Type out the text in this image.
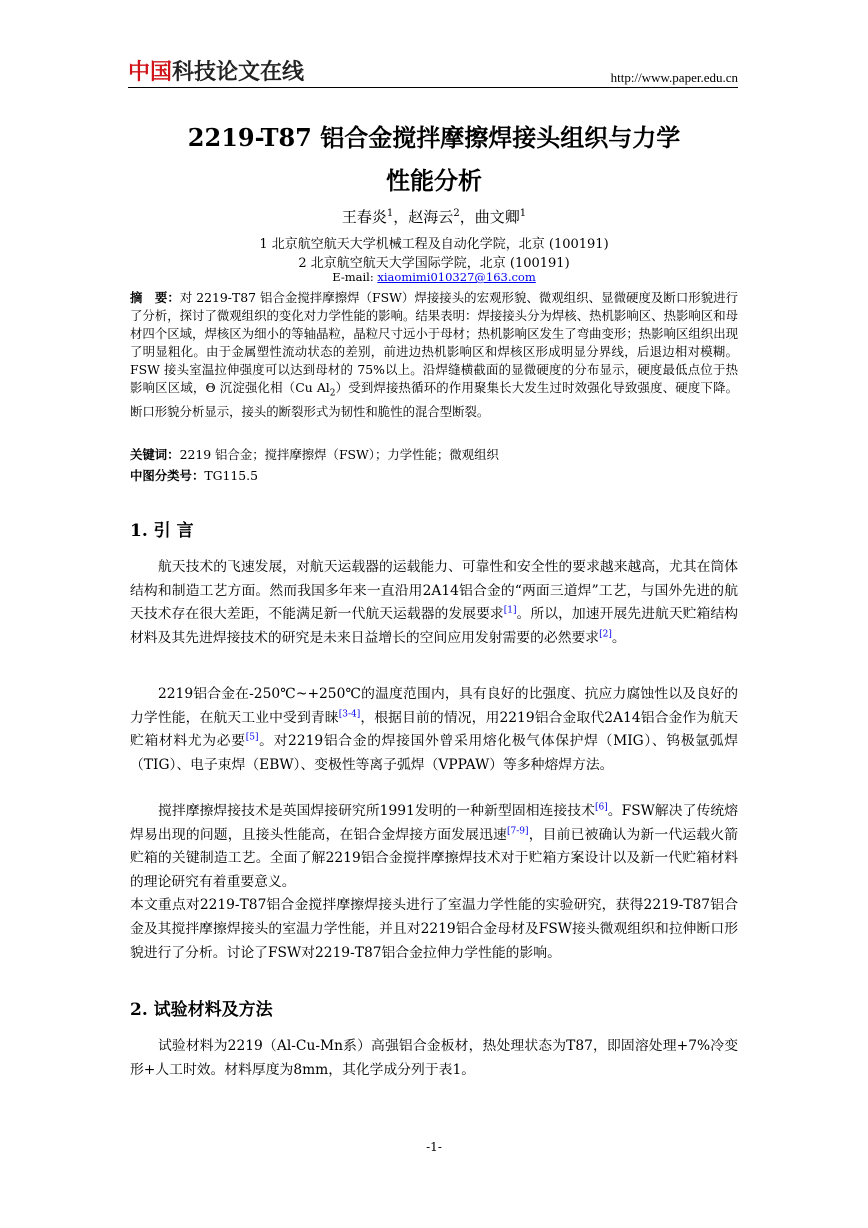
中国科技论文在线	http://www.paper.edu.cn
2219-T87 铝合金搅拌摩擦焊接头组织与力学
性能分析
王春炎$^1$，赵海云$^2$，曲文卿$^1$
1 北京航空航天大学机械工程及自动化学院，北京 (100191)
2 北京航空航天大学国际学院，北京 (100191)
E-mail: xiaomimi010327@163.com
摘　要：对 2219-T87 铝合金搅拌摩擦焊（FSW）焊接接头的宏观形貌、微观组织、显微硬度及断口形貌进行了分析，探讨了微观组织的变化对力学性能的影响。结果表明：焊接接头分为焊核、热机影响区、热影响区和母材四个区域，焊核区为细小的等轴晶粒，晶粒尺寸远小于母材；热机影响区发生了弯曲变形；热影响区组织出现了明显粗化。由于金属塑性流动状态的差别，前进边热机影响区和焊核区形成明显分界线，后退边相对模糊。FSW 接头室温拉伸强度可以达到母材的 75%以上。沿焊缝横截面的显微硬度的分布显示，硬度最低点位于热影响区区域，Θ 沉淀强化相（Cu $Al_2$）受到焊接热循环的作用聚集长大发生过时效强化导致强度、硬度下降。断口形貌分析显示，接头的断裂形式为韧性和脆性的混合型断裂。
关键词：2219 铝合金；搅拌摩擦焊（FSW）；力学性能；微观组织
中图分类号：TG115.5
1. 引 言
航天技术的飞速发展，对航天运载器的运载能力、可靠性和安全性的要求越来越高，尤其在筒体结构和制造工艺方面。然而我国多年来一直沿用2A14铝合金的“两面三道焊”工艺，与国外先进的航天技术存在很大差距，不能满足新一代航天运载器的发展要求[1]。所以，加速开展先进航天贮箱结构材料及其先进焊接技术的研究是未来日益增长的空间应用发射需要的必然要求[2]。
2219铝合金在-250℃~+250℃的温度范围内，具有良好的比强度、抗应力腐蚀性以及良好的力学性能，在航天工业中受到青睐[3-4]，根据目前的情况，用2219铝合金取代2A14铝合金作为航天贮箱材料尤为必要[5]。对2219铝合金的焊接国外曾采用熔化极气体保护焊（MIG）、钨极氩弧焊（TIG）、电子束焊（EBW）、变极性等离子弧焊（VPPAW）等多种熔焊方法。
搅拌摩擦焊接技术是英国焊接研究所1991发明的一种新型固相连接技术[6]。FSW解决了传统熔焊易出现的问题，且接头性能高，在铝合金焊接方面发展迅速[7-9]，目前已被确认为新一代运载火箭贮箱的关键制造工艺。全面了解2219铝合金搅拌摩擦焊技术对于贮箱方案设计以及新一代贮箱材料的理论研究有着重要意义。
本文重点对2219-T87铝合金搅拌摩擦焊接头进行了室温力学性能的实验研究，获得2219-T87铝合金及其搅拌摩擦焊接头的室温力学性能，并且对2219铝合金母材及FSW接头微观组织和拉伸断口形貌进行了分析。讨论了FSW对2219-T87铝合金拉伸力学性能的影响。
2. 试验材料及方法
试验材料为2219（Al-Cu-Mn系）高强铝合金板材，热处理状态为T87，即固溶处理+7%冷变形+人工时效。材料厚度为8mm，其化学成分列于表1。
-1-
